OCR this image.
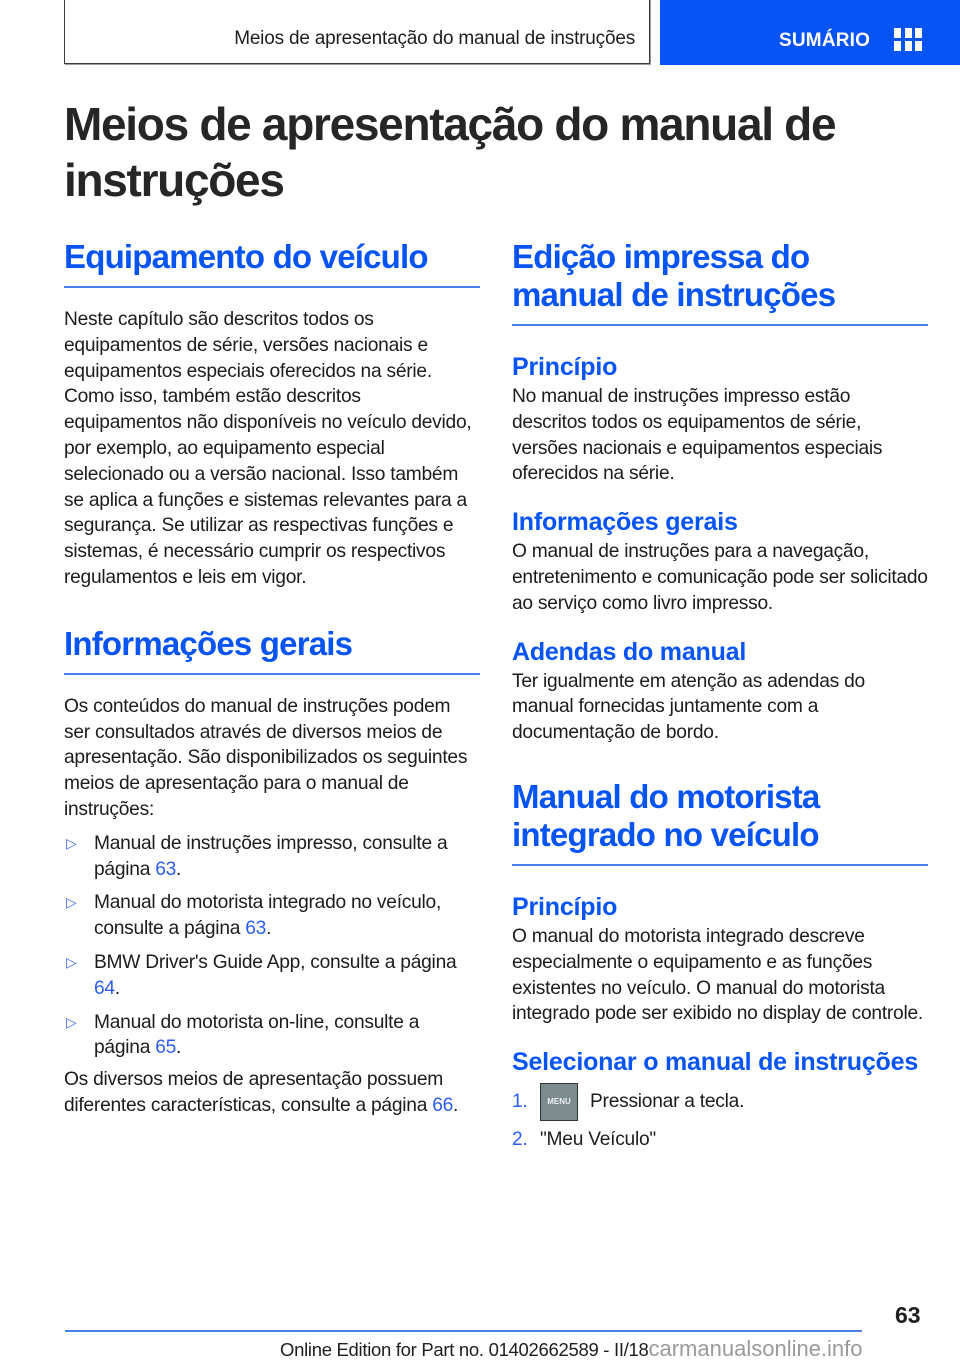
Meios de apresentação do manual de instruções	SUMÁRIO
Meios de apresentação do manual de instruções
Equipamento do veículo

Neste capítulo são descritos todos os equipamentos de série, versões nacionais e equipamentos especiais oferecidos na série. Como isso, também estão descritos equipamentos não disponíveis no veículo devido, por exemplo, ao equipamento especial selecionado ou a versão nacional. Isso também se aplica a funções e sistemas relevantes para a segurança. Se utilizar as respectivas funções e sistemas, é necessário cumprir os respectivos regulamentos e leis em vigor.

Informações gerais

Os conteúdos do manual de instruções podem ser consultados através de diversos meios de apresentação. São disponibilizados os seguintes meios de apresentação para o manual de instruções:

▷ Manual de instruções impresso, consulte a página 63.
▷ Manual do motorista integrado no veículo, consulte a página 63.
▷ BMW Driver's Guide App, consulte a página 64.
▷ Manual do motorista on-line, consulte a página 65.

Os diversos meios de apresentação possuem diferentes características, consulte a página 66.

Edição impressa do manual de instruções
Princípio

No manual de instruções impresso estão descritos todos os equipamentos de série, versões nacionais e equipamentos especiais oferecidos na série.

Informações gerais

O manual de instruções para a navegação, entretenimento e comunicação pode ser solicitado ao serviço como livro impresso.

Adendas do manual

Ter igualmente em atenção as adendas do manual fornecidas juntamente com a documentação de bordo.

Manual do motorista integrado no veículo
Princípio

O manual do motorista integrado descreve especialmente o equipamento e as funções existentes no veículo. O manual do motorista integrado pode ser exibido no display de controle.

Selecionar o manual de instruções
1.	MENU	Pressionar a tecla.
2. "Meu Veículo"
63
Online Edition for Part no. 01402662589 - II/18carmanualsonline.info
